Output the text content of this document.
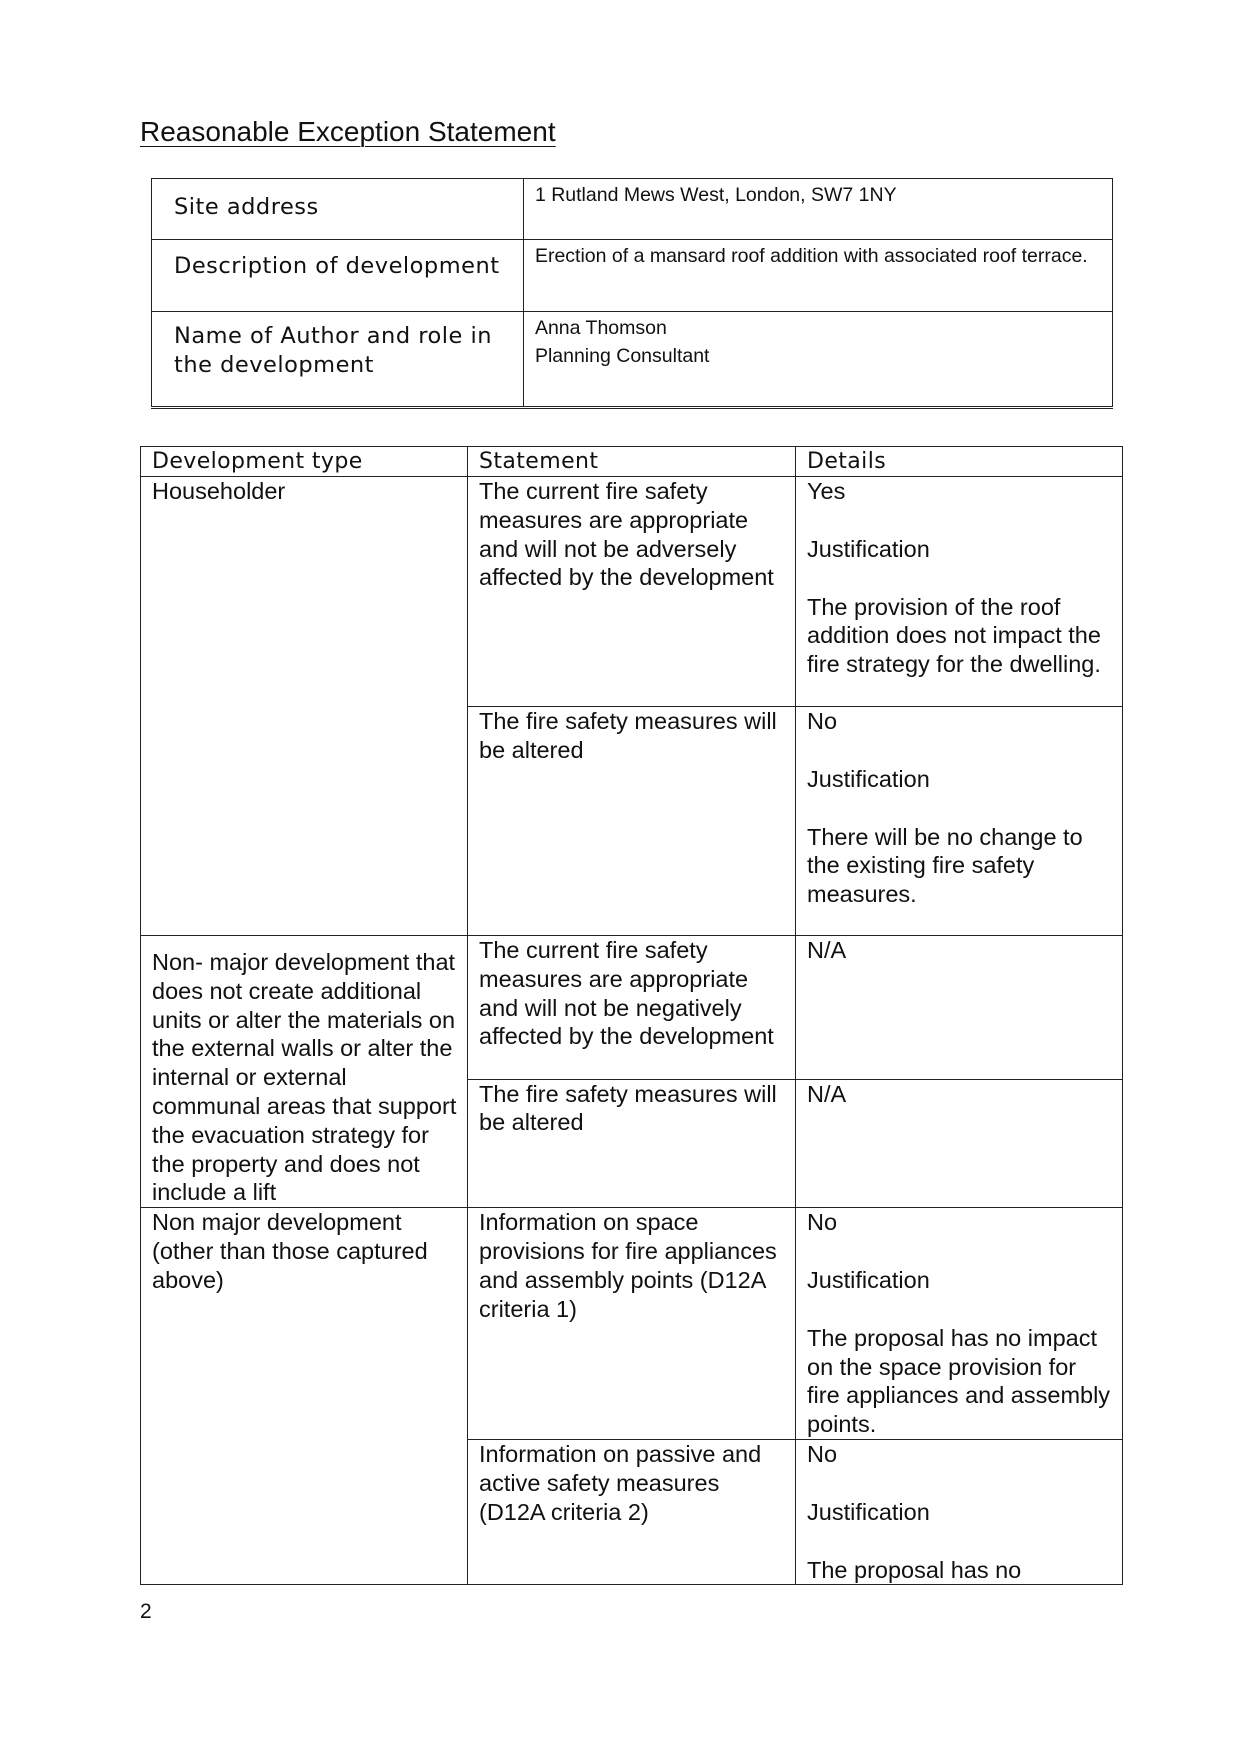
Reasonable Exception Statement
Site address	1 Rutland Mews West, London, SW7 1NY
Description of development	Erection of a mansard roof addition with associated roof terrace.
Name of Author and role in the development	Anna Thomson
Planning Consultant
Development type	Statement	Details
Householder	The current fire safety measures are appropriate and will not be adversely affected by the development	Yes
Justification
The provision of the roof addition does not impact the fire strategy for the dwelling.

	The fire safety measures will be altered	No
Justification
There will be no change to the existing fire safety measures.

Non- major development that does not create additional units or alter the materials on the external walls or alter the internal or external communal areas that support the evacuation strategy for the property and does not include a lift	The current fire safety measures are appropriate and will not be negatively affected by the development	N/A

	The fire safety measures will be altered	N/A

Non major development (other than those captured above)	Information on space provisions for fire appliances and assembly points (D12A criteria 1)	No
Justification
The proposal has no impact on the space provision for fire appliances and assembly points.

	Information on passive and active safety measures (D12A criteria 2)	No
Justification
The proposal has no
2
